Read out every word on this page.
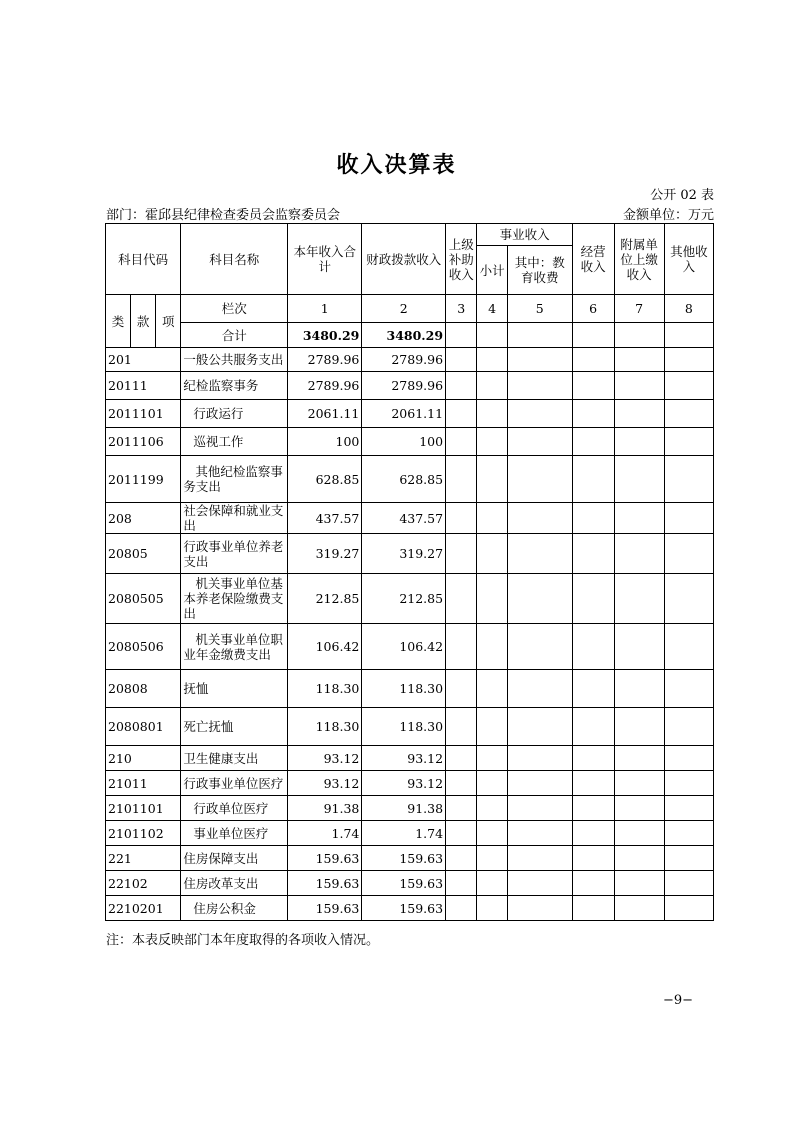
收入决算表
公开 02 表
部门：霍邱县纪律检查委员会监察委员会	金额单位：万元
科目代码			科目名称	本年收入合计	财政拨款收入	上级补助收入	事业收入		经营收入	附属单位上缴收入	其他收入
							小计	其中：教育收费			
类	款	项	栏次	1	2	3	4	5	6	7	8
			合计	3480.29	3480.29						
201			一般公共服务支出	2789.96	2789.96						
20111			纪检监察事务	2789.96	2789.96						
2011101			行政运行	2061.11	2061.11						
2011106			巡视工作	100	100						
2011199			其他纪检监察事务支出	628.85	628.85						
208			社会保障和就业支出	437.57	437.57						
20805			行政事业单位养老支出	319.27	319.27						
2080505			机关事业单位基本养老保险缴费支出	212.85	212.85						
2080506			机关事业单位职业年金缴费支出	106.42	106.42						
20808			抚恤	118.30	118.30						
2080801			死亡抚恤	118.30	118.30						
210			卫生健康支出	93.12	93.12						
21011			行政事业单位医疗	93.12	93.12						
2101101			行政单位医疗	91.38	91.38						
2101102			事业单位医疗	1.74	1.74						
221			住房保障支出	159.63	159.63						
22102			住房改革支出	159.63	159.63						
2210201			住房公积金	159.63	159.63						
注：本表反映部门本年度取得的各项收入情况。
−9−
